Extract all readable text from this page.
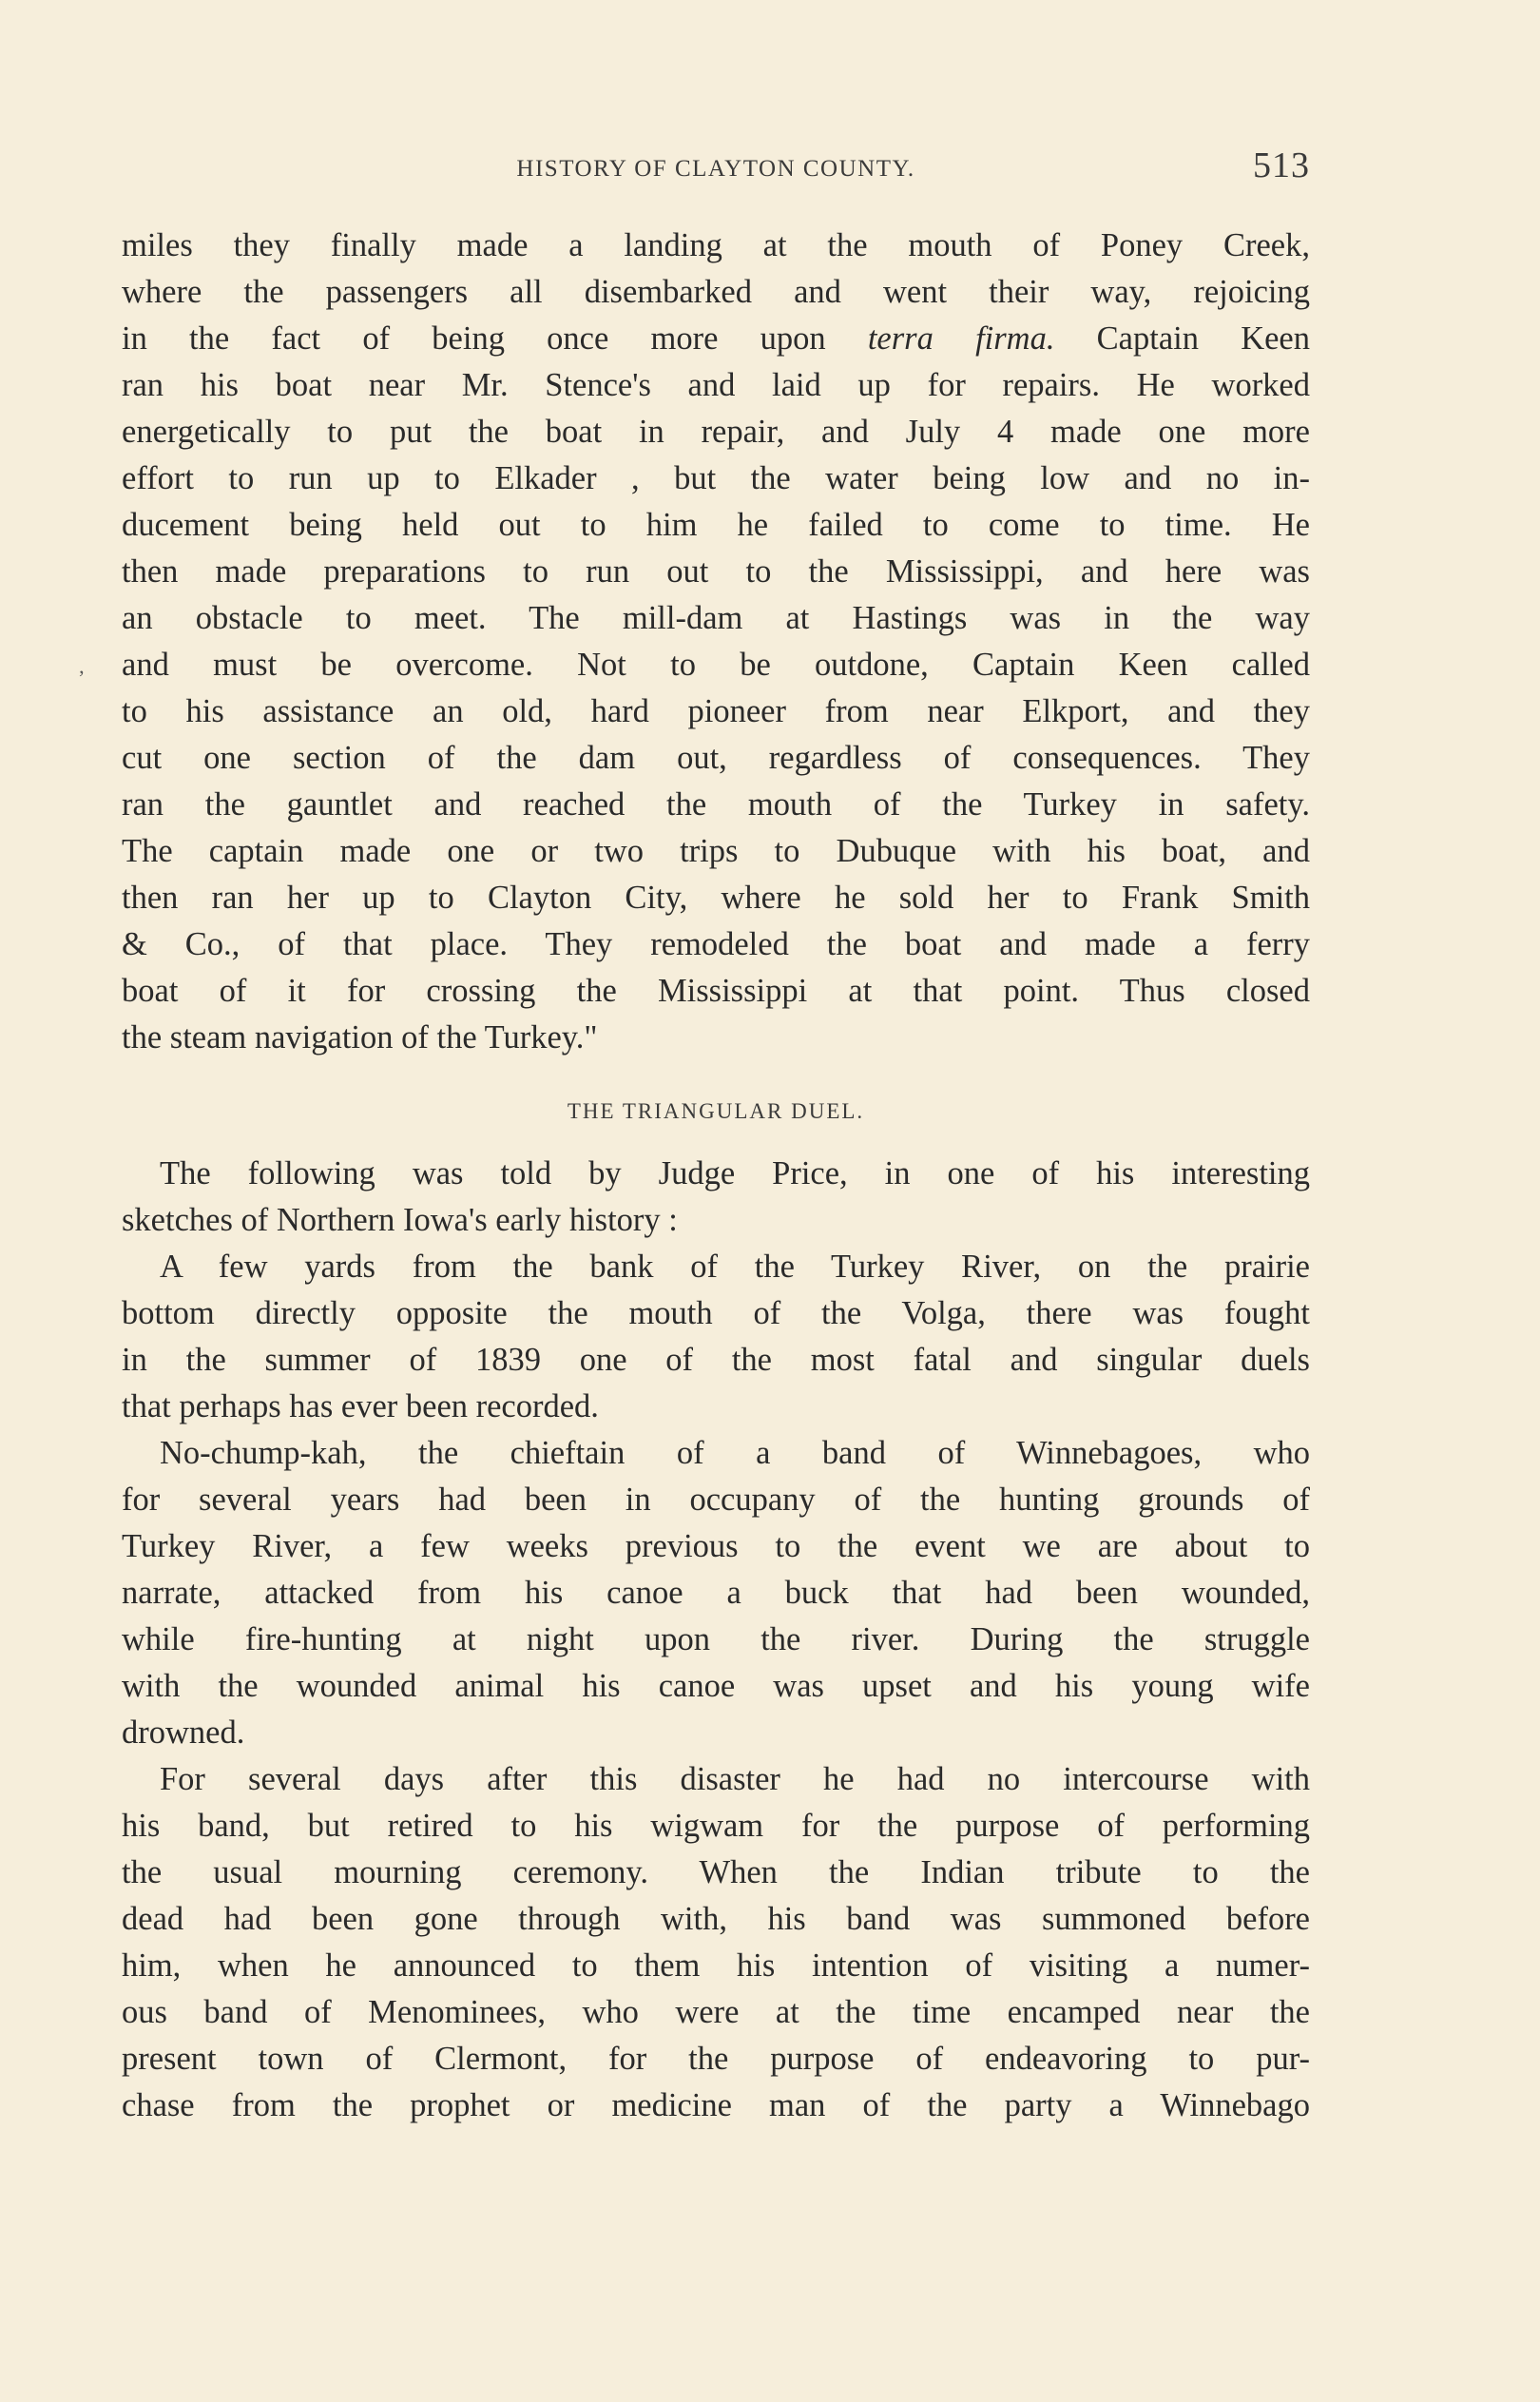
HISTORY OF CLAYTON COUNTY.	513
’
miles they finally made a landing at the mouth of Poney Creek,
where the passengers all disembarked and went their way, rejoicing
in the fact of being once more upon terra firma. Captain Keen
ran his boat near Mr. Stence's and laid up for repairs. He worked
energetically to put the boat in repair, and July 4 made one more
effort to run up to Elkader , but the water being low and no in-
ducement being held out to him he failed to come to time. He
then made preparations to run out to the Mississippi, and here was
an obstacle to meet. The mill-dam at Hastings was in the way
and must be overcome. Not to be outdone, Captain Keen called
to his assistance an old, hard pioneer from near Elkport, and they
cut one section of the dam out, regardless of consequences. They
ran the gauntlet and reached the mouth of the Turkey in safety.
The captain made one or two trips to Dubuque with his boat, and
then ran her up to Clayton City, where he sold her to Frank Smith
& Co., of that place. They remodeled the boat and made a ferry
boat of it for crossing the Mississippi at that point. Thus closed
the steam navigation of the Turkey."
THE TRIANGULAR DUEL.
The following was told by Judge Price, in one of his interesting
sketches of Northern Iowa's early history :
A few yards from the bank of the Turkey River, on the prairie
bottom directly opposite the mouth of the Volga, there was fought
in the summer of 1839 one of the most fatal and singular duels
that perhaps has ever been recorded.
No-chump-kah, the chieftain of a band of Winnebagoes, who
for several years had been in occupany of the hunting grounds of
Turkey River, a few weeks previous to the event we are about to
narrate, attacked from his canoe a buck that had been wounded,
while fire-hunting at night upon the river. During the struggle
with the wounded animal his canoe was upset and his young wife
drowned.
For several days after this disaster he had no intercourse with
his band, but retired to his wigwam for the purpose of performing
the usual mourning ceremony. When the Indian tribute to the
dead had been gone through with, his band was summoned before
him, when he announced to them his intention of visiting a numer-
ous band of Menominees, who were at the time encamped near the
present town of Clermont, for the purpose of endeavoring to pur-
chase from the prophet or medicine man of the party a Winnebago
